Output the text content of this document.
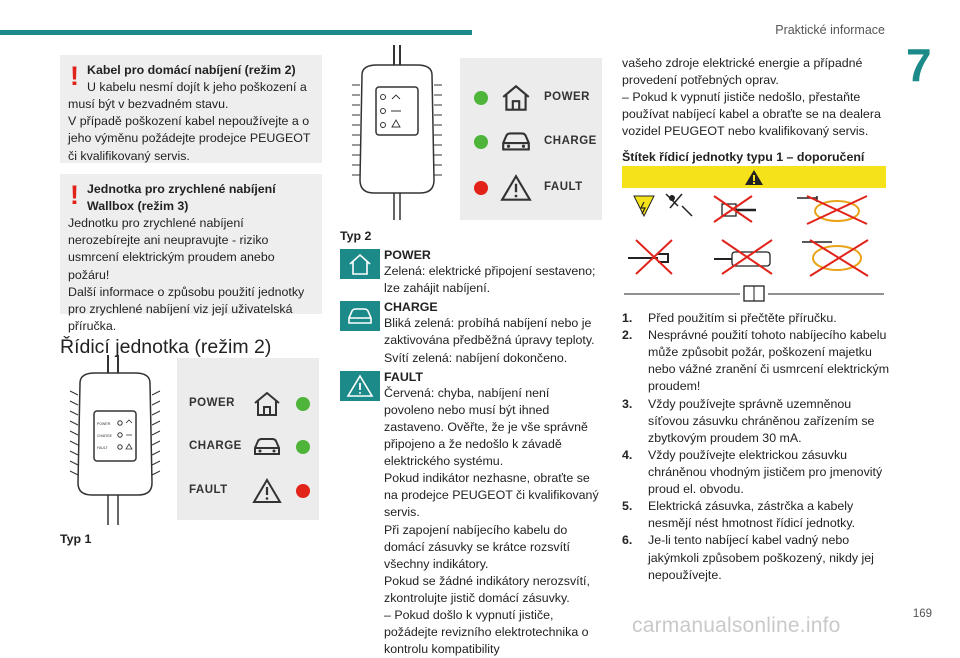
Praktické informace
7
! Kabel pro domácí nabíjení (režim 2)
U kabelu nesmí dojít k jeho poškození a musí být v bezvadném stavu.
V případě poškození kabel nepoužívejte a o jeho výměnu požádejte prodejce PEUGEOT či kvalifikovaný servis.
! Jednotka pro zrychlené nabíjení Wallbox (režim 3)
Jednotku pro zrychlené nabíjení nerozebírejte ani neupravujte - riziko usmrcení elektrickým proudem anebo požáru!
Další informace o způsobu použití jednotky pro zrychlené nabíjení viz její uživatelská příručka.
Řídicí jednotka (režim 2)
POWER
CHARGE
FAULT
POWER
CHARGE
FAULT
Typ 1
POWER
CHARGE
FAULT
Typ 2
POWER
Zelená: elektrické připojení sestaveno; lze zahájit nabíjení.
CHARGE
Bliká zelená: probíhá nabíjení nebo je zaktivována předběžná úpravy teploty.
Svítí zelená: nabíjení dokončeno.
FAULT
Červená: chyba, nabíjení není povoleno nebo musí být ihned zastaveno. Ověřte, že je vše správně připojeno a že nedošlo k závadě elektrického systému.
Pokud indikátor nezhasne, obraťte se na prodejce PEUGEOT či kvalifikovaný servis.
Při zapojení nabíjecího kabelu do domácí zásuvky se krátce rozsvítí všechny indikátory.
Pokud se žádné indikátory nerozsvítí, zkontrolujte jistič domácí zásuvky.
– Pokud došlo k vypnutí jističe, požádejte revizního elektrotechnika o kontrolu kompatibility
vašeho zdroje elektrické energie a případné provedení potřebných oprav.
– Pokud k vypnutí jističe nedošlo, přestaňte používat nabíjecí kabel a obraťte se na dealera vozidel PEUGEOT nebo kvalifikovaný servis.
Štítek řídicí jednotky typu 1 – doporučení
1. Před použitím si přečtěte příručku.
2. Nesprávné použití tohoto nabíjecího kabelu může způsobit požár, poškození majetku nebo vážné zranění či usmrcení elektrickým proudem!
3. Vždy používejte správně uzemněnou síťovou zásuvku chráněnou zařízením se zbytkovým proudem 30 mA.
4. Vždy používejte elektrickou zásuvku chráněnou vhodným jističem pro jmenovitý proud el. obvodu.
5. Elektrická zásuvka, zástrčka a kabely nesmějí nést hmotnost řídicí jednotky.
6. Je-li tento nabíjecí kabel vadný nebo jakýmkoli způsobem poškozený, nikdy jej nepoužívejte.
carmanualsonline.info	169
